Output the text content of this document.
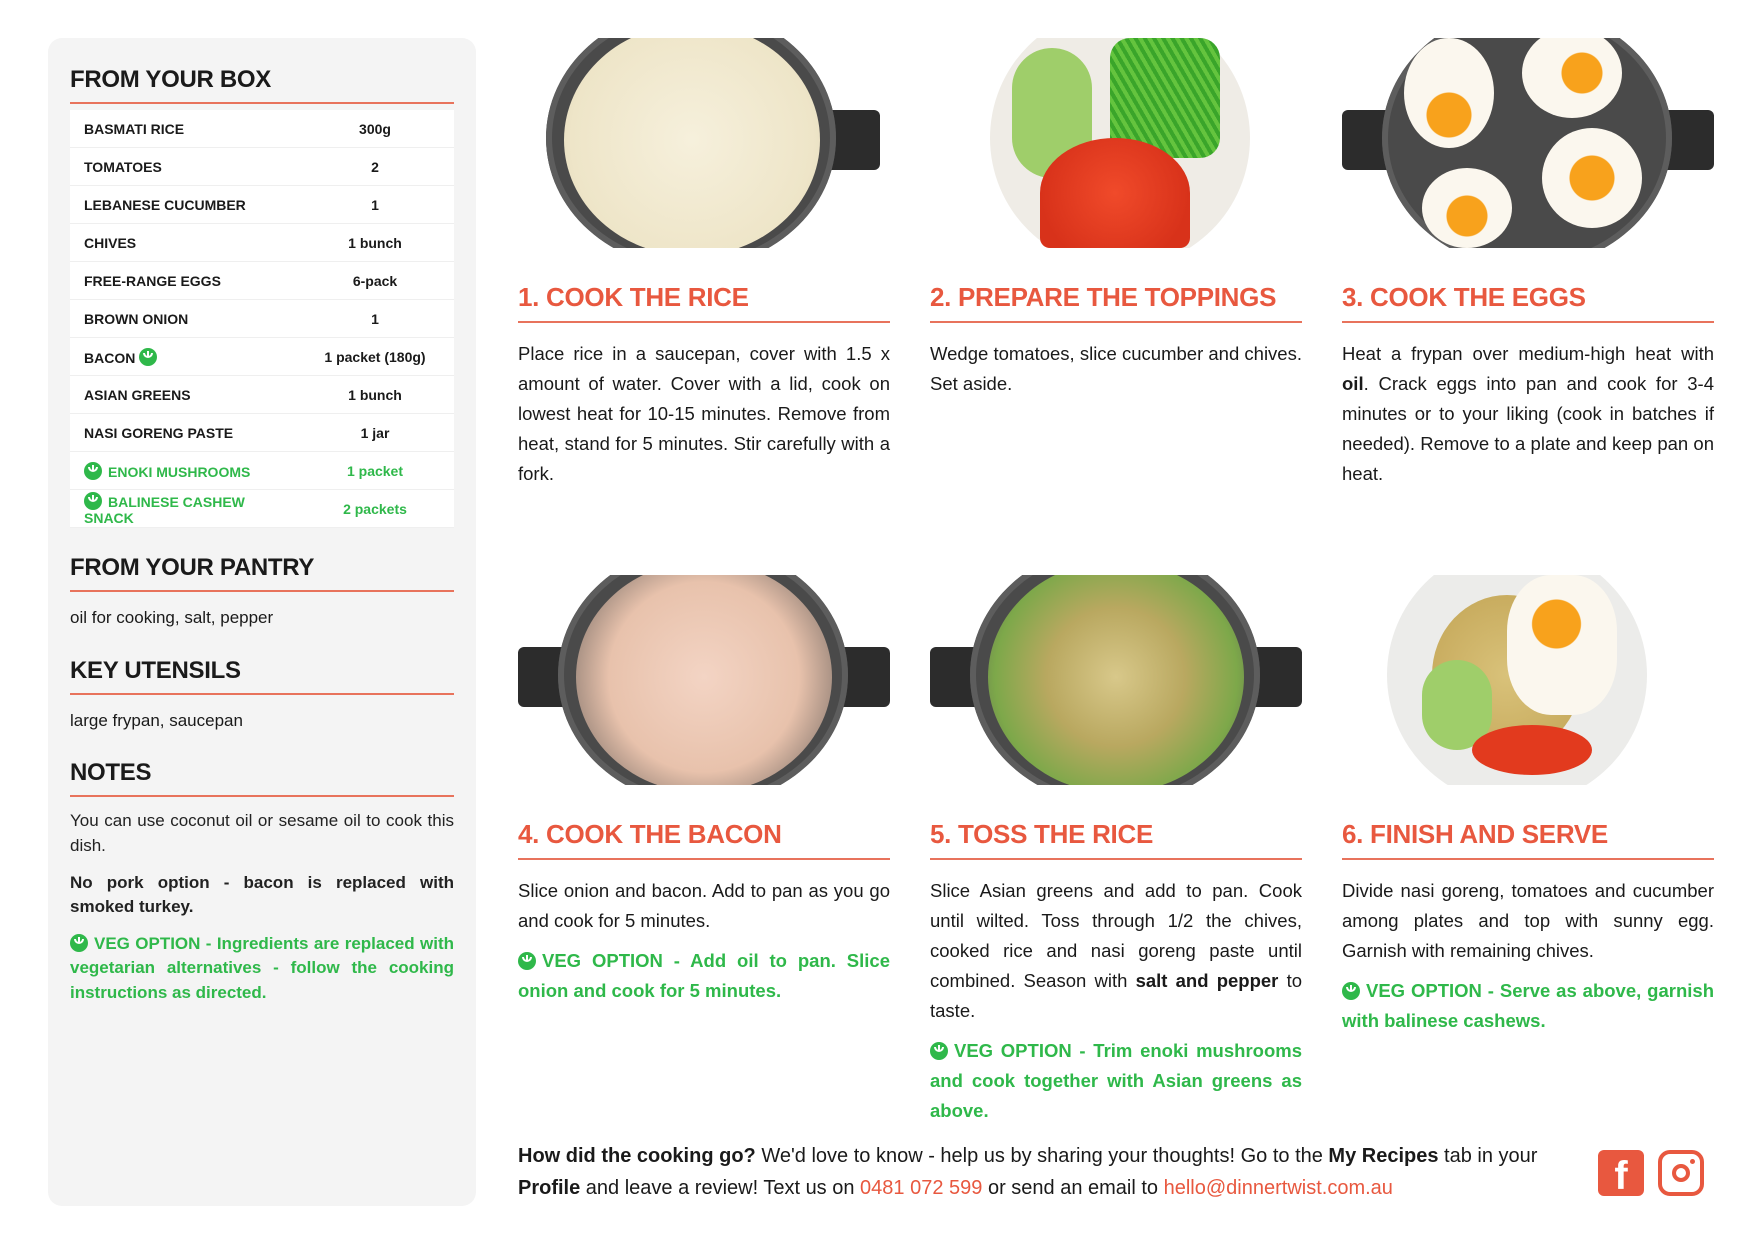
FROM YOUR BOX
BASMATI RICE	300g
TOMATOES	2
LEBANESE CUCUMBER	1
CHIVES	1 bunch
FREE-RANGE EGGS	6-pack
BROWN ONION	1
BACON	1 packet (180g)
ASIAN GREENS	1 bunch
NASI GORENG PASTE	1 jar
ENOKI MUSHROOMS	1 packet
BALINESE CASHEW SNACK	2 packets
FROM YOUR PANTRY

oil for cooking, salt, pepper

KEY UTENSILS

large frypan, saucepan

NOTES

You can use coconut oil or sesame oil to cook this dish.

No pork option - bacon is replaced with smoked turkey.

VEG OPTION - Ingredients are replaced with vegetarian alternatives - follow the cooking instructions as directed.

1. COOK THE RICE
Place rice in a saucepan, cover with 1.5 x amount of water. Cover with a lid, cook on lowest heat for 10-15 minutes. Remove from heat, stand for 5 minutes. Stir carefully with a fork.
2. PREPARE THE TOPPINGS
Wedge tomatoes, slice cucumber and chives. Set aside.
3. COOK THE EGGS
Heat a frypan over medium-high heat with oil. Crack eggs into pan and cook for 3-4 minutes or to your liking (cook in batches if needed). Remove to a plate and keep pan on heat.
4. COOK THE BACON
Slice onion and bacon. Add to pan as you go and cook for 5 minutes.
VEG OPTION - Add oil to pan. Slice onion and cook for 5 minutes.
5. TOSS THE RICE
Slice Asian greens and add to pan. Cook until wilted. Toss through 1/2 the chives, cooked rice and nasi goreng paste until combined. Season with salt and pepper to taste.
VEG OPTION - Trim enoki mushrooms and cook together with Asian greens as above.
6. FINISH AND SERVE
Divide nasi goreng, tomatoes and cucumber among plates and top with sunny egg. Garnish with remaining chives.
VEG OPTION - Serve as above, garnish with balinese cashews.
How did the cooking go? We'd love to know - help us by sharing your thoughts! Go to the My Recipes tab in your Profile and leave a review! Text us on 0481 072 599 or send an email to hello@dinnertwist.com.au	f
